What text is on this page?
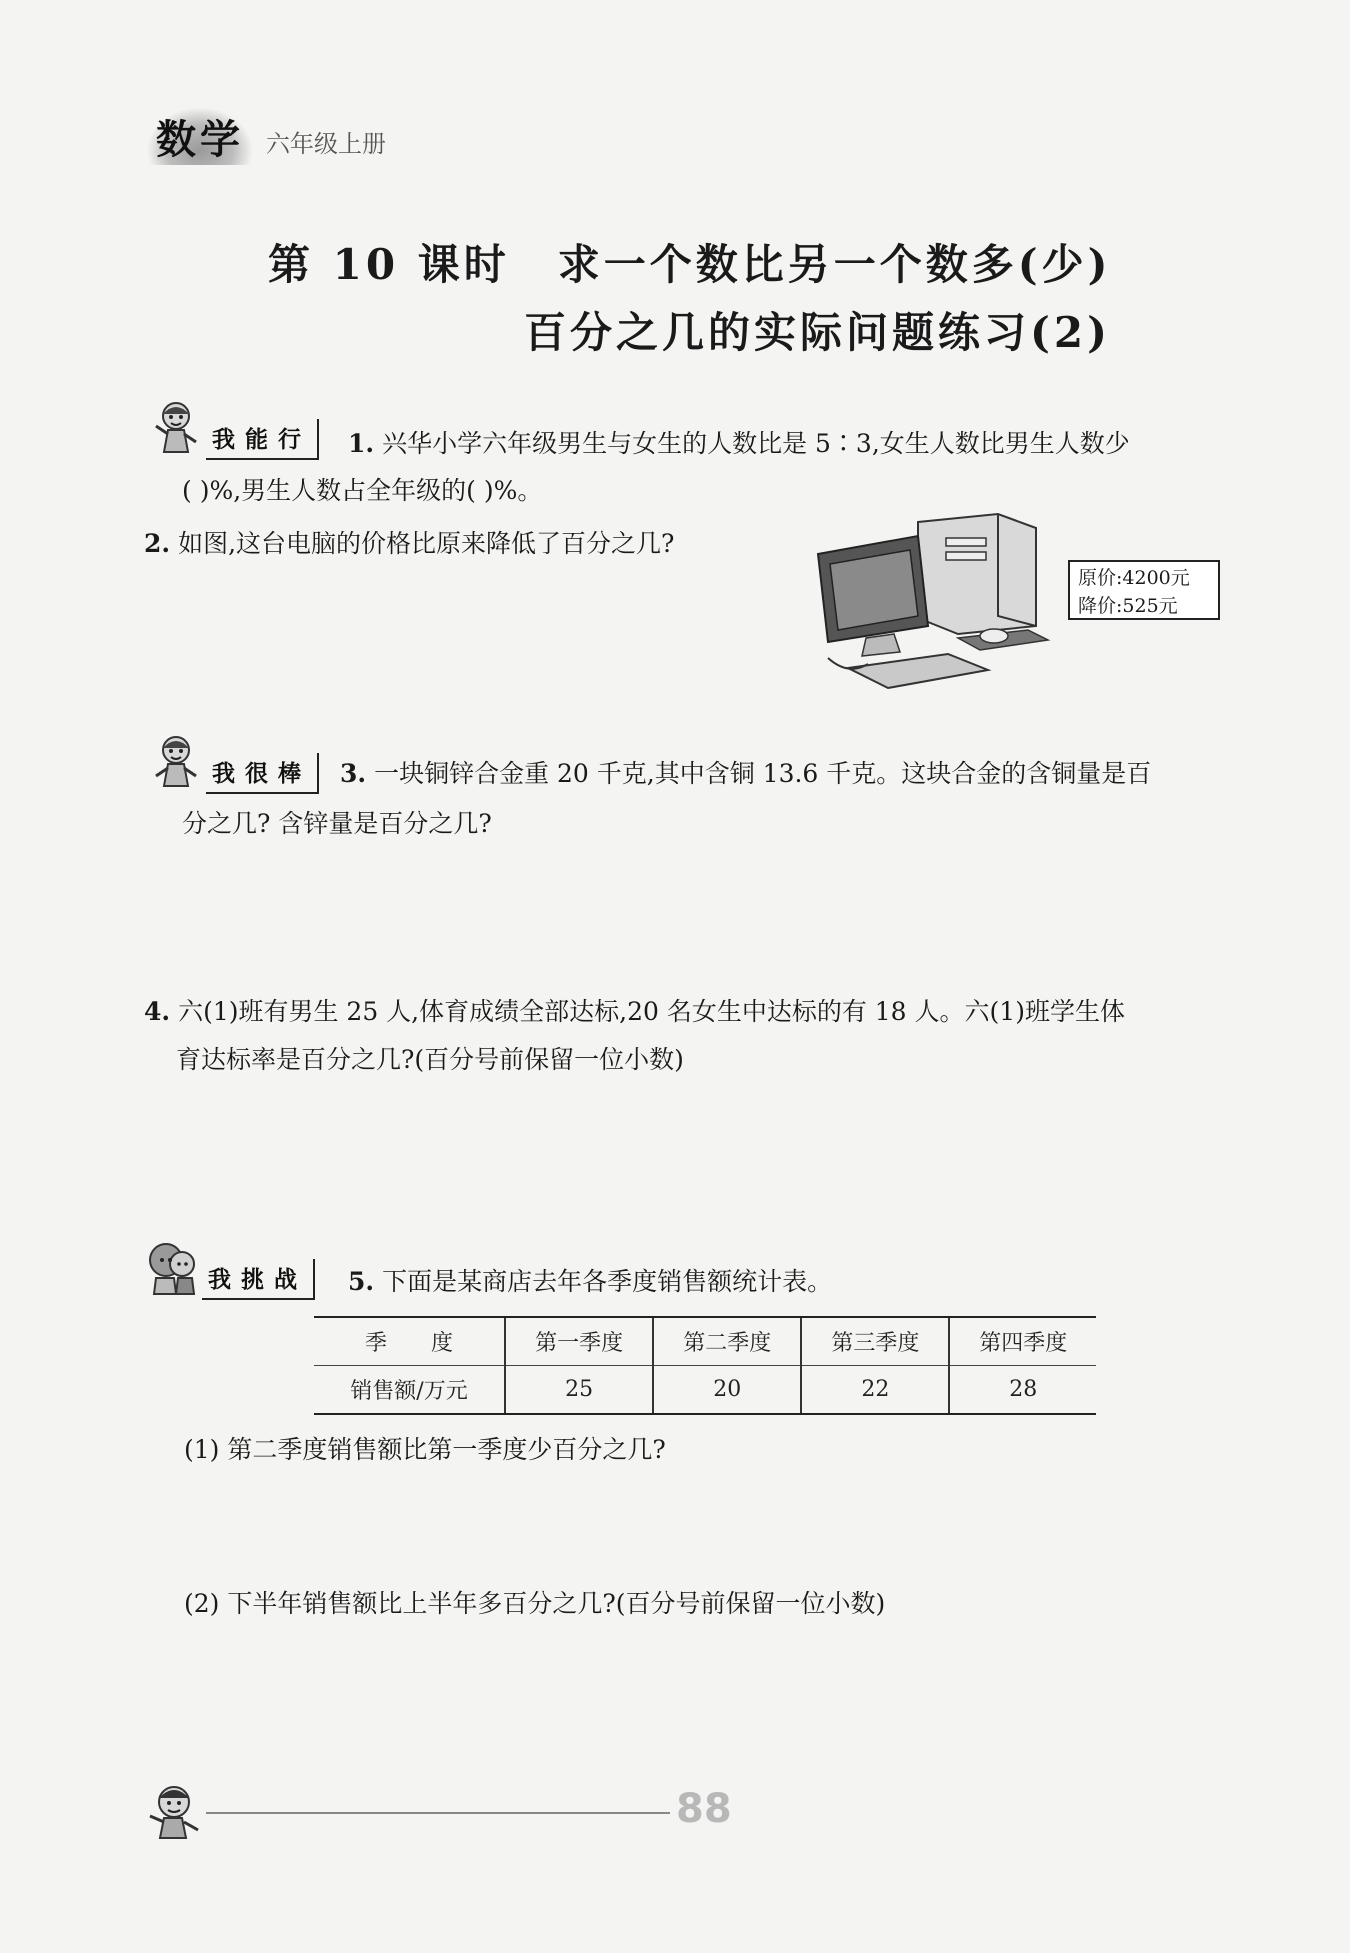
数学 六年级上册
第 10 课时 求一个数比另一个数多(少)
百分之几的实际问题练习(2)
我能行	1. 兴华小学六年级男生与女生的人数比是 5∶3,女生人数比男生人数少
( )%,男生人数占全年级的( )%。
2. 如图,这台电脑的价格比原来降低了百分之几?
原价:4200元
降价:525元
我很棒	3. 一块铜锌合金重 20 千克,其中含铜 13.6 千克。这块合金的含铜量是百
分之几? 含锌量是百分之几?
4. 六(1)班有男生 25 人,体育成绩全部达标,20 名女生中达标的有 18 人。六(1)班学生体
育达标率是百分之几?(百分号前保留一位小数)
我挑战	5. 下面是某商店去年各季度销售额统计表。
季　　度	第一季度	第二季度	第三季度	第四季度
销售额/万元	25	20	22	28
(1) 第二季度销售额比第一季度少百分之几?
(2) 下半年销售额比上半年多百分之几?(百分号前保留一位小数)
88
